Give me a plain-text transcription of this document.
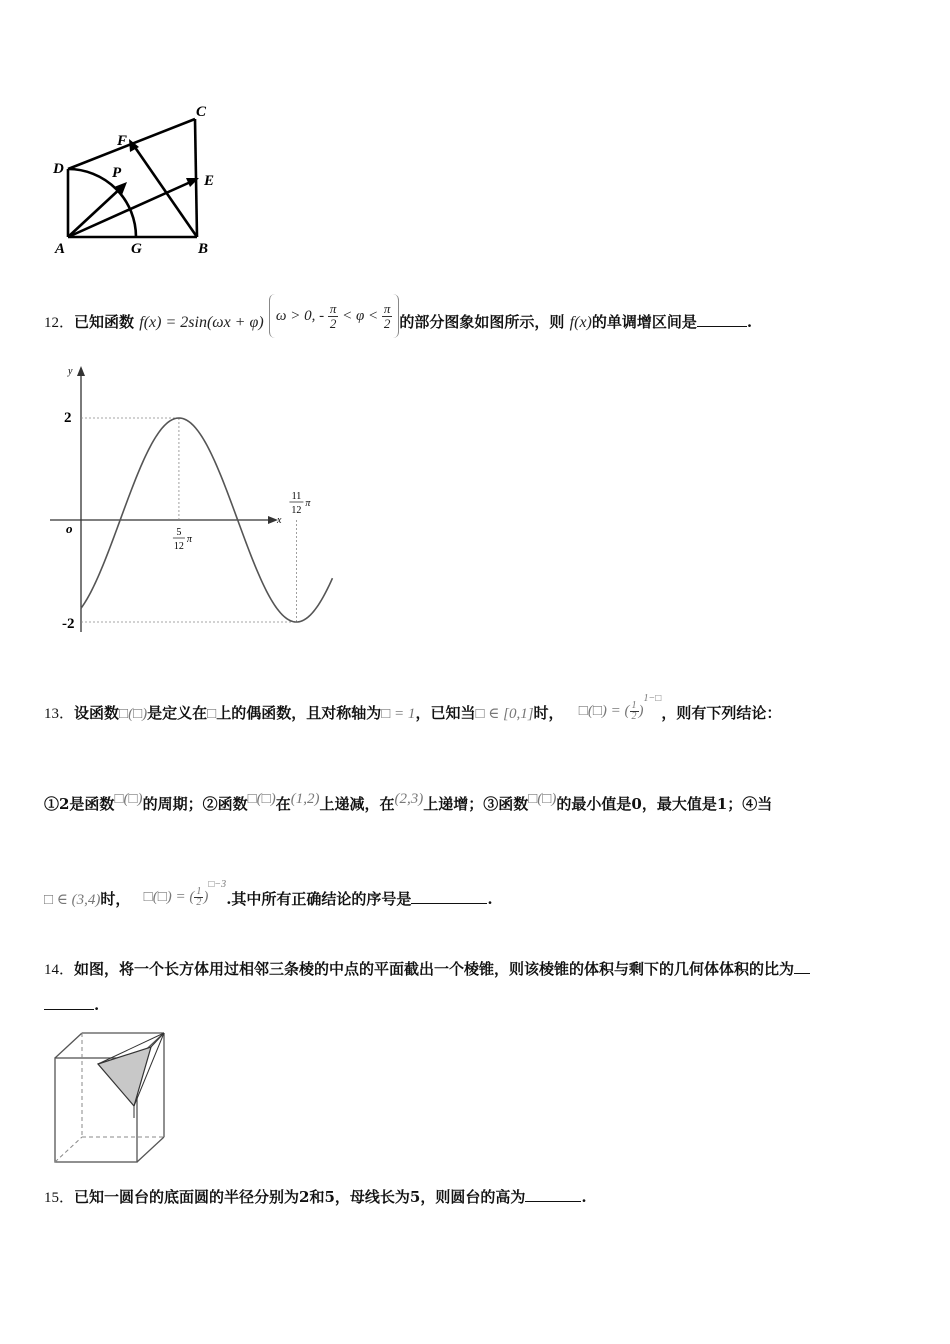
A	G	B
D
F
C
P	E
12．已知函数 f(x) = 2sin(ωx + φ) ω > 0, - $\frac{\pi}{2} < \varphi < \frac{\pi}{2}$ 的部分图象如图所示，则 f(x)的单调增区间是	.
x
y
o
2
-2
5
12
π
11
12
π
13．设函数□(□)是定义在□上的偶函数，且对称轴为□ = 1，已知当□ ∈ [0,1]时， □(□) = ( $\frac{1}{2} )^{1-□}$，则有下列结论：
①2是函数□(□)的周期；②函数□(□)在(1,2)上递减，在(2,3)上递增；③函数□(□)的最小值是0，最大值是1；④当
□ ∈ (3,4)时， □(□) = ( $\frac{1}{2} )^{□-3}$.其中所有正确结论的序号是	.
14．如图，将一个长方体用过相邻三条棱的中点的平面截出一个棱锥，则该棱锥的体积与剩下的几何体体积的比为
.
15．已知一圆台的底面圆的半径分别为2和5，母线长为5，则圆台的高为	.
